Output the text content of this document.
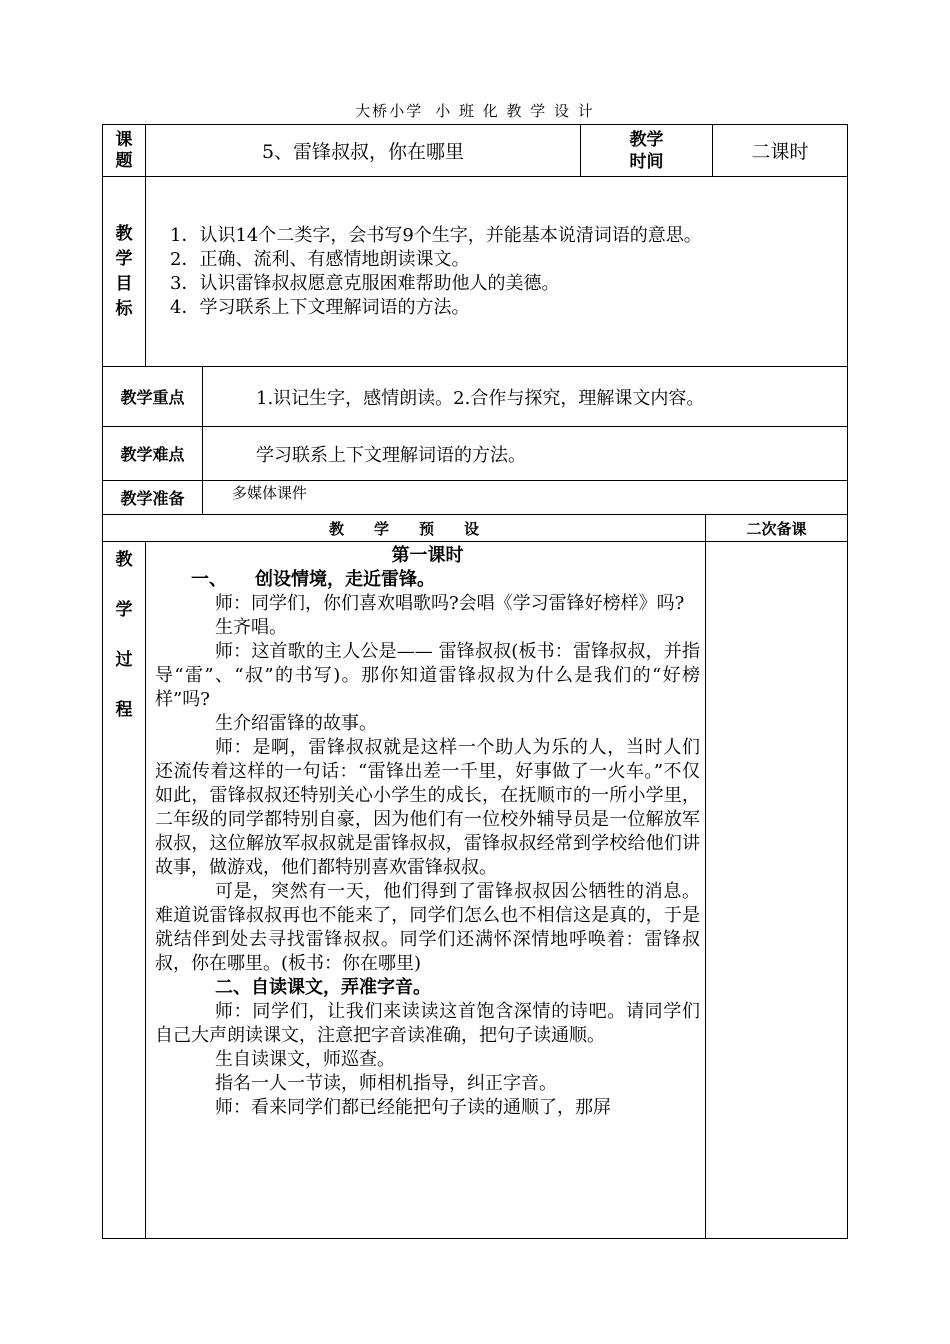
大桥小学 小 班 化 教 学 设 计
课题	5、雷锋叔叔，你在哪里
教学时间	二课时
教学目标
1．认识14个二类字，会书写9个生字，并能基本说清词语的意思。
2．正确、流利、有感情地朗读课文。
3．认识雷锋叔叔愿意克服困难帮助他人的美德。
4．学习联系上下文理解词语的方法。
教学重点	1.识记生字，感情朗读。2.合作与探究，理解课文内容。
教学难点	学习联系上下文理解词语的方法。
教学准备	多媒体课件
教　　学　　预　　设	二次备课
教
学
过
程

第一课时

一、 创设情境，走近雷锋。

师：同学们，你们喜欢唱歌吗?会唱《学习雷锋好榜样》吗?

生齐唱。

师：这首歌的主人公是—— 雷锋叔叔(板书：雷锋叔叔，并指导“雷”、“叔”的书写)。那你知道雷锋叔叔为什么是我们的“好榜样”吗?

生介绍雷锋的故事。

师：是啊，雷锋叔叔就是这样一个助人为乐的人，当时人们还流传着这样的一句话：“雷锋出差一千里，好事做了一火车。”不仅如此，雷锋叔叔还特别关心小学生的成长，在抚顺市的一所小学里，二年级的同学都特别自豪，因为他们有一位校外辅导员是一位解放军叔叔，这位解放军叔叔就是雷锋叔叔，雷锋叔叔经常到学校给他们讲故事，做游戏，他们都特别喜欢雷锋叔叔。

可是，突然有一天，他们得到了雷锋叔叔因公牺牲的消息。难道说雷锋叔叔再也不能来了，同学们怎么也不相信这是真的，于是就结伴到处去寻找雷锋叔叔。同学们还满怀深情地呼唤着：雷锋叔叔，你在哪里。(板书：你在哪里)

二、自读课文，弄准字音。

师：同学们，让我们来读读这首饱含深情的诗吧。请同学们自己大声朗读课文，注意把字音读准确，把句子读通顺。

生自读课文，师巡查。

指名一人一节读，师相机指导，纠正字音。

师：看来同学们都已经能把句子读的通顺了，那屏
